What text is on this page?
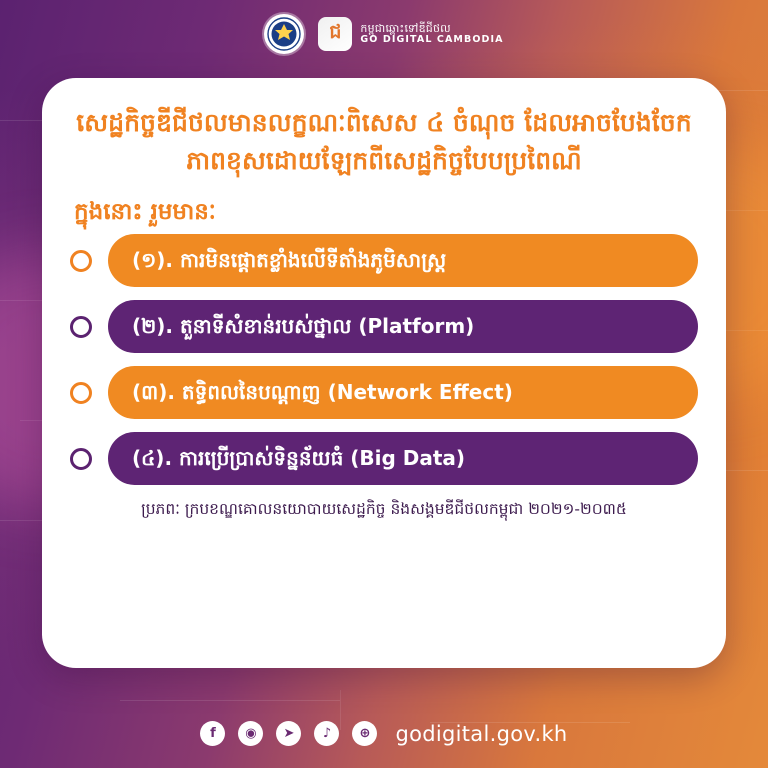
ជ	កម្ពុជាឆ្ពោះទៅឌីជីថល
GO DIGITAL CAMBODIA
សេដ្ឋកិច្ចឌីជីថលមានលក្ខណៈពិសេស ៤ ចំណុច ដែលអាចបែងចែកភាពខុសដោយឡែកពីសេដ្ឋកិច្ចបែបប្រពៃណី
ក្នុងនោះ រួមមានៈ
(១). ការមិនផ្តោតខ្លាំងលើទីតាំងភូមិសាស្ត្រ
(២). តួនាទីសំខាន់របស់ថ្នាល (Platform)
(៣). តទ្ធិពលនៃបណ្តាញ (Network Effect)
(៤). ការប្រើប្រាស់ទិន្នន័យធំ (Big Data)
ប្រភពៈ ក្របខណ្ឌគោលនយោបាយសេដ្ឋកិច្ច និងសង្គមឌីជីថលកម្ពុជា ២០២១-២០៣៥
f	◉	➤	♪	⊕	godigital.gov.kh
